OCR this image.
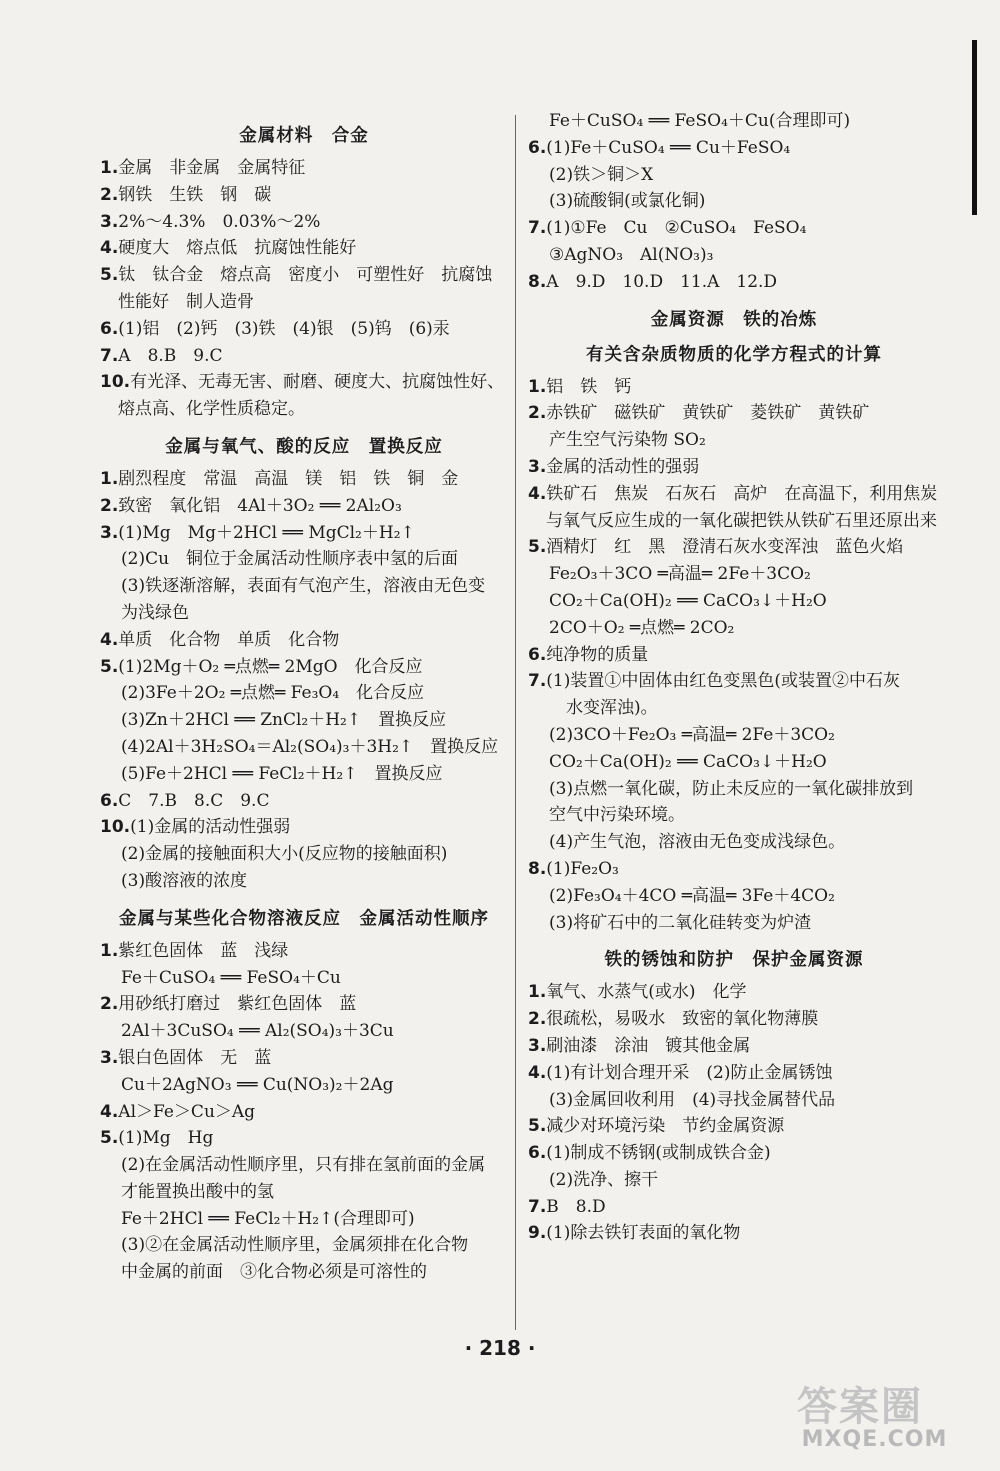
金属材料　合金
1.金属　非金属　金属特征
2.钢铁　生铁　钢　碳
3.2%～4.3%　0.03%～2%
4.硬度大　熔点低　抗腐蚀性能好
5.钛　钛合金　熔点高　密度小　可塑性好　抗腐蚀性能好　制人造骨
6.(1)铝　(2)钙　(3)铁　(4)银　(5)钨　(6)汞
7.A　8.B　9.C
10.有光泽、无毒无害、耐磨、硬度大、抗腐蚀性好、熔点高、化学性质稳定。
金属与氧气、酸的反应　置换反应
1.剧烈程度　常温　高温　镁　铝　铁　铜　金
2.致密　氧化铝　4Al＋3O₂ ══ 2Al₂O₃
3.(1)Mg　Mg＋2HCl ══ MgCl₂＋H₂↑
(2)Cu　铜位于金属活动性顺序表中氢的后面
(3)铁逐渐溶解，表面有气泡产生，溶液由无色变
为浅绿色
4.单质　化合物　单质　化合物
5.(1)2Mg＋O₂ ═点燃═ 2MgO　化合反应
(2)3Fe＋2O₂ ═点燃═ Fe₃O₄　化合反应
(3)Zn＋2HCl ══ ZnCl₂＋H₂↑　置换反应
(4)2Al＋3H₂SO₄＝Al₂(SO₄)₃＋3H₂↑　置换反应
(5)Fe＋2HCl ══ FeCl₂＋H₂↑　置换反应
6.C　7.B　8.C　9.C
10.(1)金属的活动性强弱
(2)金属的接触面积大小(反应物的接触面积)
(3)酸溶液的浓度
金属与某些化合物溶液反应　金属活动性顺序
1.紫红色固体　蓝　浅绿
Fe＋CuSO₄ ══ FeSO₄＋Cu
2.用砂纸打磨过　紫红色固体　蓝
2Al＋3CuSO₄ ══ Al₂(SO₄)₃＋3Cu
3.银白色固体　无　蓝
Cu＋2AgNO₃ ══ Cu(NO₃)₂＋2Ag
4.Al＞Fe＞Cu＞Ag
5.(1)Mg　Hg
(2)在金属活动性顺序里，只有排在氢前面的金属
才能置换出酸中的氢
Fe＋2HCl ══ FeCl₂＋H₂↑(合理即可)
(3)②在金属活动性顺序里，金属须排在化合物
中金属的前面　③化合物必须是可溶性的
Fe＋CuSO₄ ══ FeSO₄＋Cu(合理即可)
6.(1)Fe＋CuSO₄ ══ Cu＋FeSO₄
(2)铁＞铜＞X
(3)硫酸铜(或氯化铜)
7.(1)①Fe　Cu　②CuSO₄　FeSO₄
③AgNO₃　Al(NO₃)₃
8.A　9.D　10.D　11.A　12.D
金属资源　铁的冶炼
有关含杂质物质的化学方程式的计算
1.铝　铁　钙
2.赤铁矿　磁铁矿　黄铁矿　菱铁矿　黄铁矿
产生空气污染物 SO₂
3.金属的活动性的强弱
4.铁矿石　焦炭　石灰石　高炉　在高温下，利用焦炭与氧气反应生成的一氧化碳把铁从铁矿石里还原出来
5.酒精灯　红　黑　澄清石灰水变浑浊　蓝色火焰
Fe₂O₃＋3CO ═高温═ 2Fe＋3CO₂
CO₂＋Ca(OH)₂ ══ CaCO₃↓＋H₂O
2CO＋O₂ ═点燃═ 2CO₂
6.纯净物的质量
7.(1)装置①中固体由红色变黑色(或装置②中石灰
　水变浑浊)。
(2)3CO＋Fe₂O₃ ═高温═ 2Fe＋3CO₂
CO₂＋Ca(OH)₂ ══ CaCO₃↓＋H₂O
(3)点燃一氧化碳，防止未反应的一氧化碳排放到
空气中污染环境。
(4)产生气泡，溶液由无色变成浅绿色。
8.(1)Fe₂O₃
(2)Fe₃O₄＋4CO ═高温═ 3Fe＋4CO₂
(3)将矿石中的二氧化硅转变为炉渣
铁的锈蚀和防护　保护金属资源
1.氧气、水蒸气(或水)　化学
2.很疏松，易吸水　致密的氧化物薄膜
3.刷油漆　涂油　镀其他金属
4.(1)有计划合理开采　(2)防止金属锈蚀
(3)金属回收利用　(4)寻找金属替代品
5.减少对环境污染　节约金属资源
6.(1)制成不锈钢(或制成铁合金)
(2)洗净、擦干
7.B　8.D
9.(1)除去铁钉表面的氧化物
· 218 ·
答案圈
MXQE.COM
